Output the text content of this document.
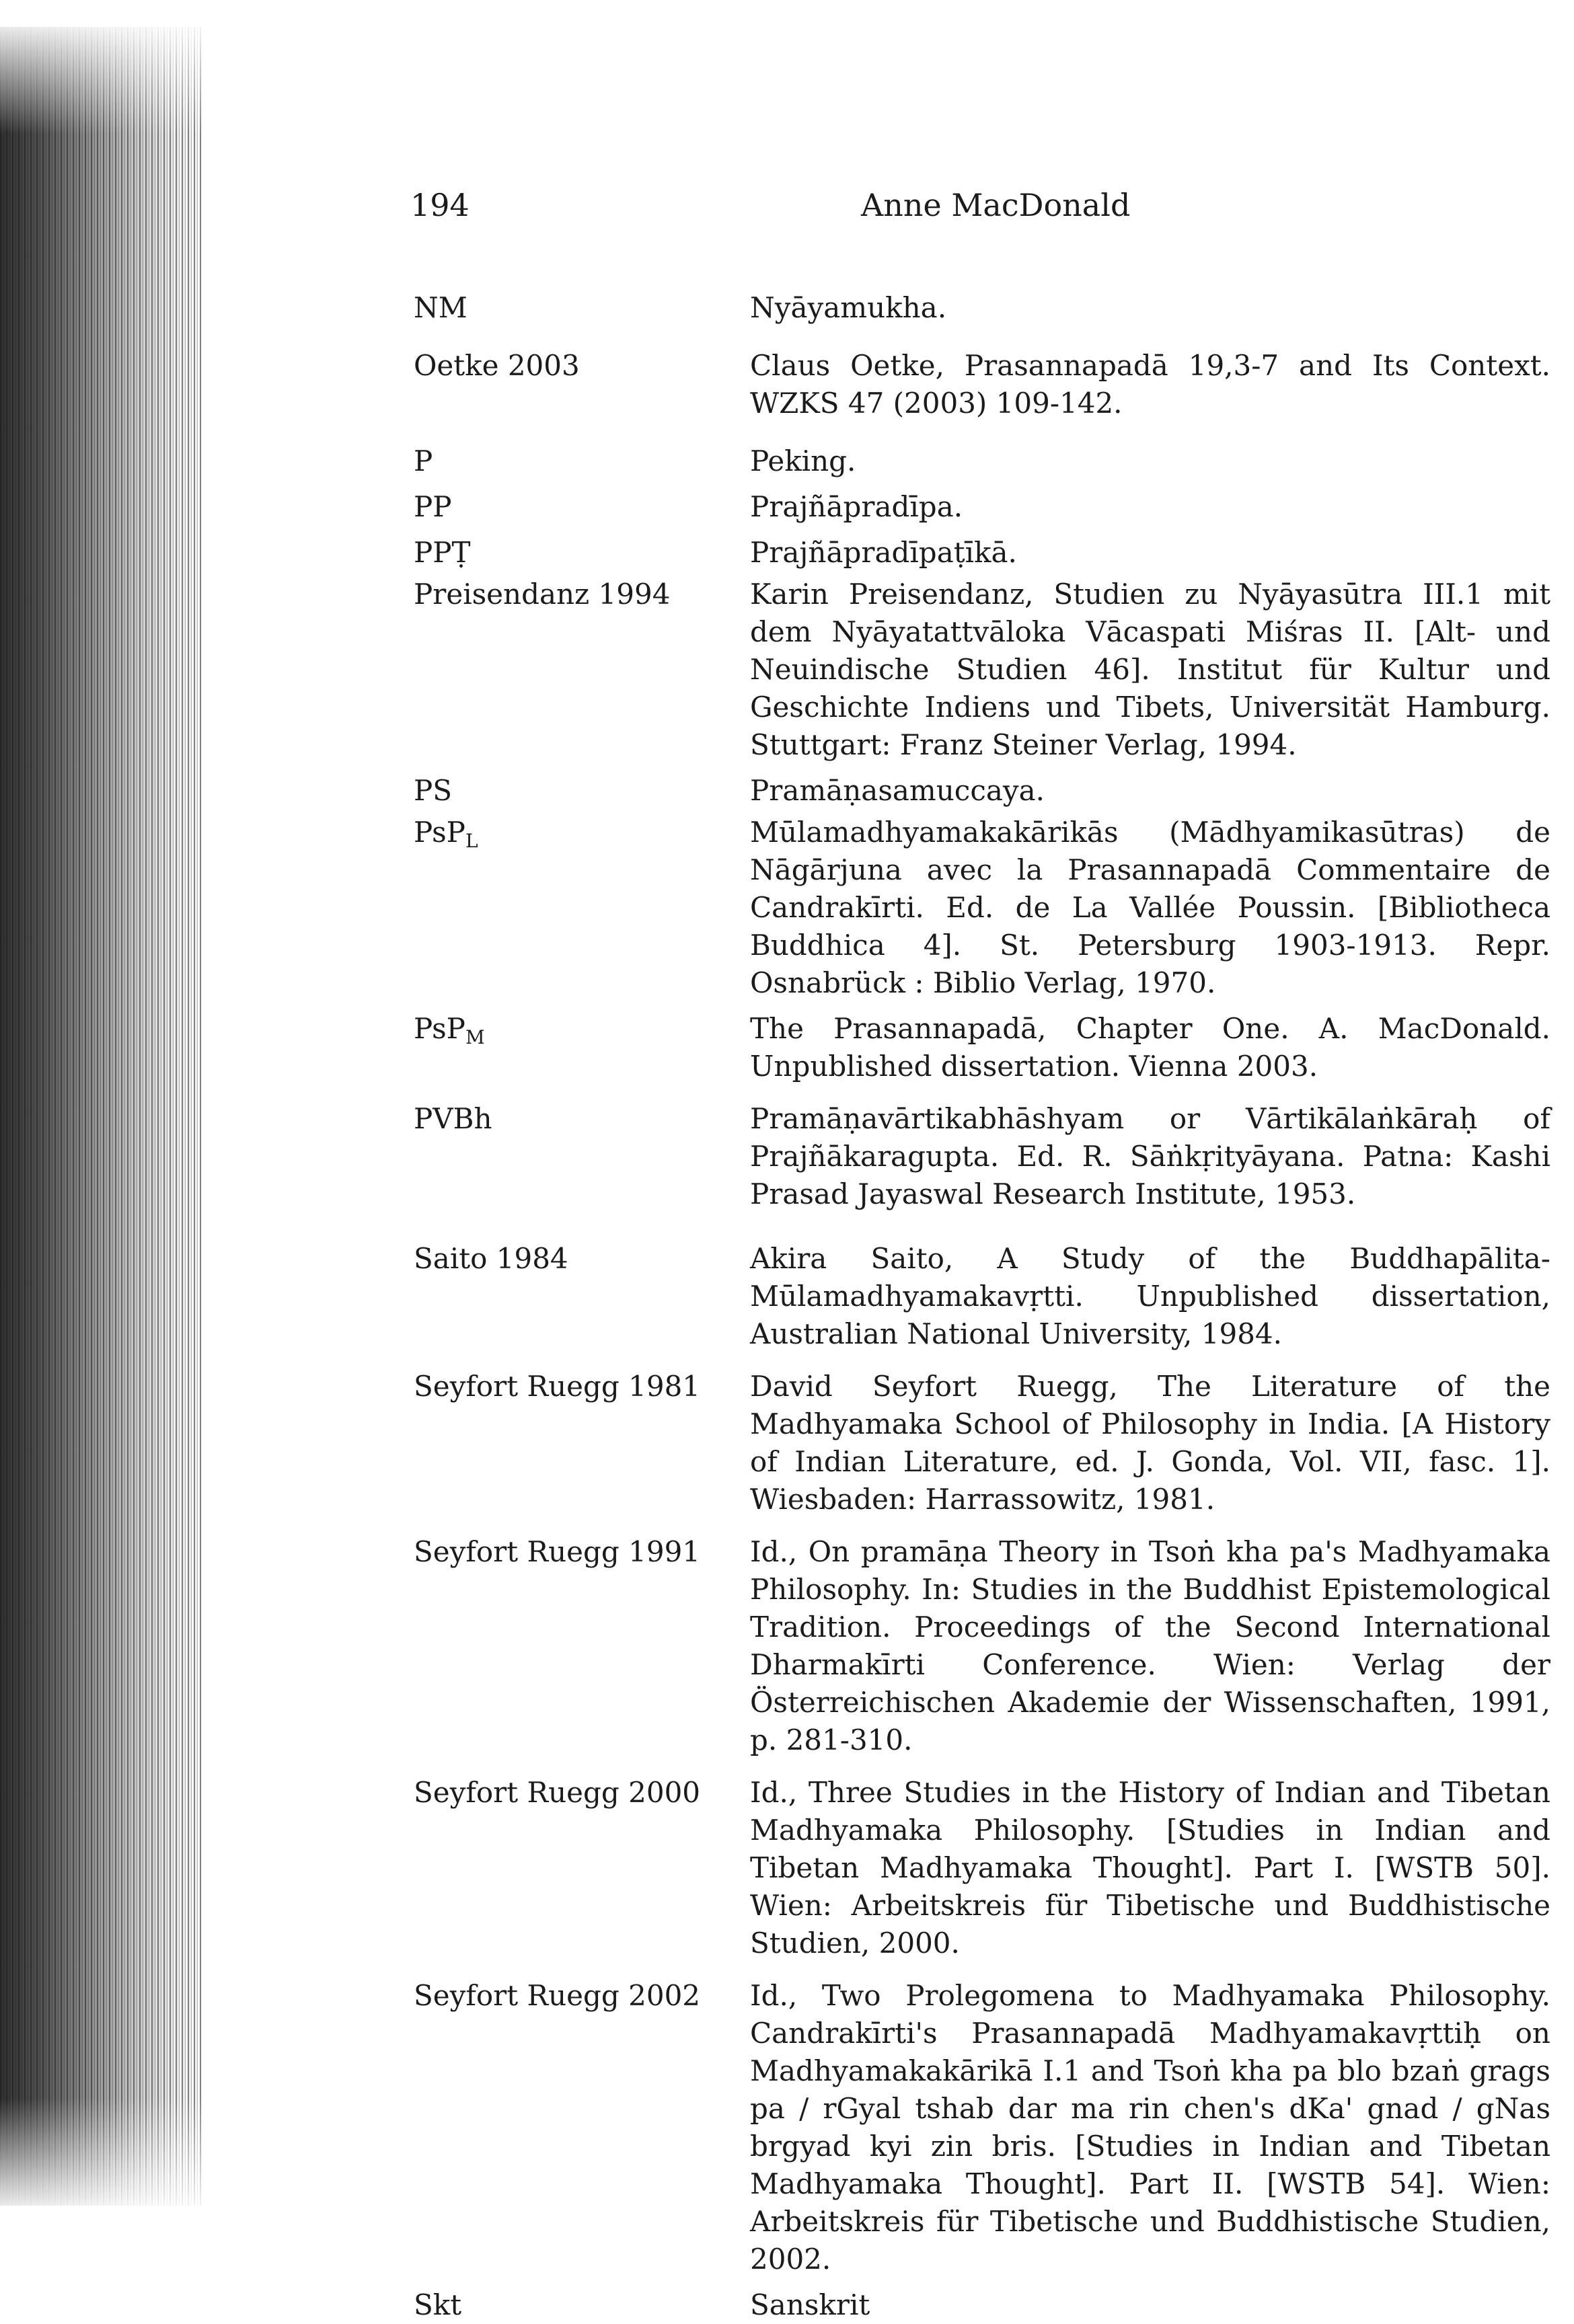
194	Anne MacDonald
NM	Nyāyamukha.
Oetke 2003	Claus Oetke, Prasannapadā 19,3-7 and Its Context. WZKS 47 (2003) 109-142.
P	Peking.
PP	Prajñāpradīpa.
PPṬ	Prajñāpradīpaṭīkā.
Preisendanz 1994	Karin Preisendanz, Studien zu Nyāyasūtra III.1 mit dem Nyāyatattvāloka Vācaspati Miśras II. [Alt- und Neuindische Studien 46]. Institut für Kultur und Geschichte Indiens und Tibets, Universität Hamburg. Stuttgart: Franz Steiner Verlag, 1994.
PS	Pramāṇasamuccaya.
PsP$_L$	Mūlamadhyamakakārikās (Mādhyamikasūtras) de Nāgārjuna avec la Prasannapadā Commentaire de Candrakīrti. Ed. de La Vallée Poussin. [Bibliotheca Buddhica 4]. St. Petersburg 1903-1913. Repr. Osnabrück : Biblio Verlag, 1970.
PsP$_M$	The Prasannapadā, Chapter One. A. MacDonald. Unpublished dissertation. Vienna 2003.
PVBh	Pramāṇavārtikabhāshyam or Vārtikālaṅkāraḥ of Prajñākaragupta. Ed. R. Sāṅkṛityāyana. Patna: Kashi Prasad Jayaswal Research Institute, 1953.
Saito 1984	Akira Saito, A Study of the Buddhapālita-Mūlamadhyamakavṛtti. Unpublished dissertation, Australian National University, 1984.
Seyfort Ruegg 1981	David Seyfort Ruegg, The Literature of the Madhyamaka School of Philosophy in India. [A History of Indian Literature, ed. J. Gonda, Vol. VII, fasc. 1]. Wiesbaden: Harrassowitz, 1981.
Seyfort Ruegg 1991	Id., On pramāṇa Theory in Tsoṅ kha pa's Madhyamaka Philosophy. In: Studies in the Buddhist Epistemological Tradition. Proceedings of the Second International Dharmakīrti Conference. Wien: Verlag der Österreichischen Akademie der Wissenschaften, 1991, p. 281-310.
Seyfort Ruegg 2000	Id., Three Studies in the History of Indian and Tibetan Madhyamaka Philosophy. [Studies in Indian and Tibetan Madhyamaka Thought]. Part I. [WSTB 50]. Wien: Arbeitskreis für Tibetische und Buddhistische Studien, 2000.
Seyfort Ruegg 2002	Id., Two Prolegomena to Madhyamaka Philosophy. Candrakīrti's Prasannapadā Madhyamakavṛttiḥ on Madhyamakakārikā I.1 and Tsoṅ kha pa blo bzaṅ grags pa / rGyal tshab dar ma rin chen's dKa' gnad / gNas brgyad kyi zin bris. [Studies in Indian and Tibetan Madhyamaka Thought]. Part II. [WSTB 54]. Wien: Arbeitskreis für Tibetische und Buddhistische Studien, 2002.
Skt	Sanskrit
